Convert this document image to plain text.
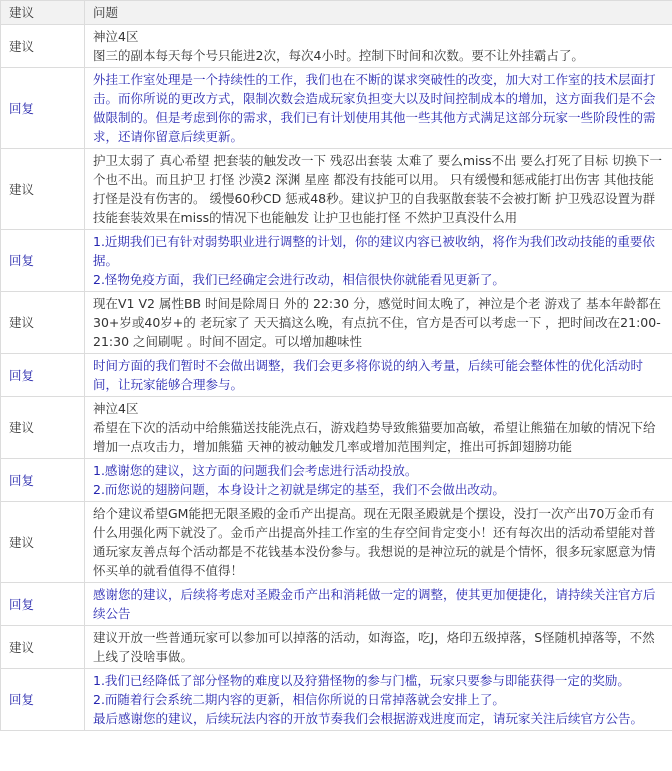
建议	问题
建议	神泣4区
图三的副本每天每个号只能进2次，每次4小时。控制下时间和次数。要不让外挂霸占了。

回复	外挂工作室处理是一个持续性的工作，我们也在不断的谋求突破性的改变，加大对工作室的技术层面打击。而你所说的更改方式，限制次数会造成玩家负担变大以及时间控制成本的增加，这方面我们是不会做限制的。但是考虑到你的需求，我们已有计划使用其他一些其他方式满足这部分玩家一些阶段性的需求，还请你留意后续更新。

建议	护卫太弱了 真心希望 把套装的触发改一下 残忍出套装 太难了 要么miss不出 要么打死了目标 切换下一个也不出。而且护卫 打怪 沙漠2 深渊 星座 都没有技能可以用。 只有缓慢和惩戒能打出伤害 其他技能打怪是没有伤害的。 缓慢60秒CD 惩戒48秒。建议护卫的自我驱散套装不会被打断 护卫残忍设置为群技能套装效果在miss的情况下也能触发 让护卫也能打怪 不然护卫真没什么用

回复	1.近期我们已有针对弱势职业进行调整的计划，你的建议内容已被收纳，将作为我们改动技能的重要依据。
2.怪物免疫方面，我们已经确定会进行改动，相信很快你就能看见更新了。

建议	现在V1 V2 属性BB 时间是除周日 外的 22:30 分，感觉时间太晚了，神泣是个老 游戏了 基本年龄都在30+岁或40岁+的 老玩家了 天天搞这么晚，有点抗不住，官方是否可以考虑一下 ，把时间改在21:00-21:30 之间刷呢 。时间不固定。可以增加趣味性

回复	时间方面的我们暂时不会做出调整，我们会更多将你说的纳入考量，后续可能会整体性的优化活动时间，让玩家能够合理参与。

建议	神泣4区
希望在下次的活动中给熊猫送技能洗点石，游戏趋势导致熊猫要加高敏，希望让熊猫在加敏的情况下给增加一点攻击力，增加熊猫 天神的被动触发几率或增加范围判定，推出可拆卸翅膀功能

回复	1.感谢您的建议，这方面的问题我们会考虑进行活动投放。
2.而您说的翅膀问题，本身设计之初就是绑定的基至，我们不会做出改动。

建议	给个建议希望GM能把无限圣殿的金币产出提高。现在无限圣殿就是个摆设，没打一次产出70万金币有什么用强化两下就没了。金币产出提高外挂工作室的生存空间肯定变小！还有每次出的活动希望能对普通玩家友善点每个活动都是不花钱基本没份参与。我想说的是神泣玩的就是个情怀，很多玩家愿意为情怀买单的就看值得不值得！

回复	感谢您的建议，后续将考虑对圣殿金币产出和消耗做一定的调整，使其更加便捷化，请持续关注官方后续公告

建议	建议开放一些普通玩家可以参加可以掉落的活动，如海盗，吃J，烙印五级掉落，S怪随机掉落等，不然上线了没啥事做。

回复	1.我们已经降低了部分怪物的难度以及狩猎怪物的参与门槛，玩家只要参与即能获得一定的奖励。
2.而随着行会系统二期内容的更新，相信你所说的日常掉落就会安排上了。
最后感谢您的建议，后续玩法内容的开放节奏我们会根据游戏进度而定，请玩家关注后续官方公告。
